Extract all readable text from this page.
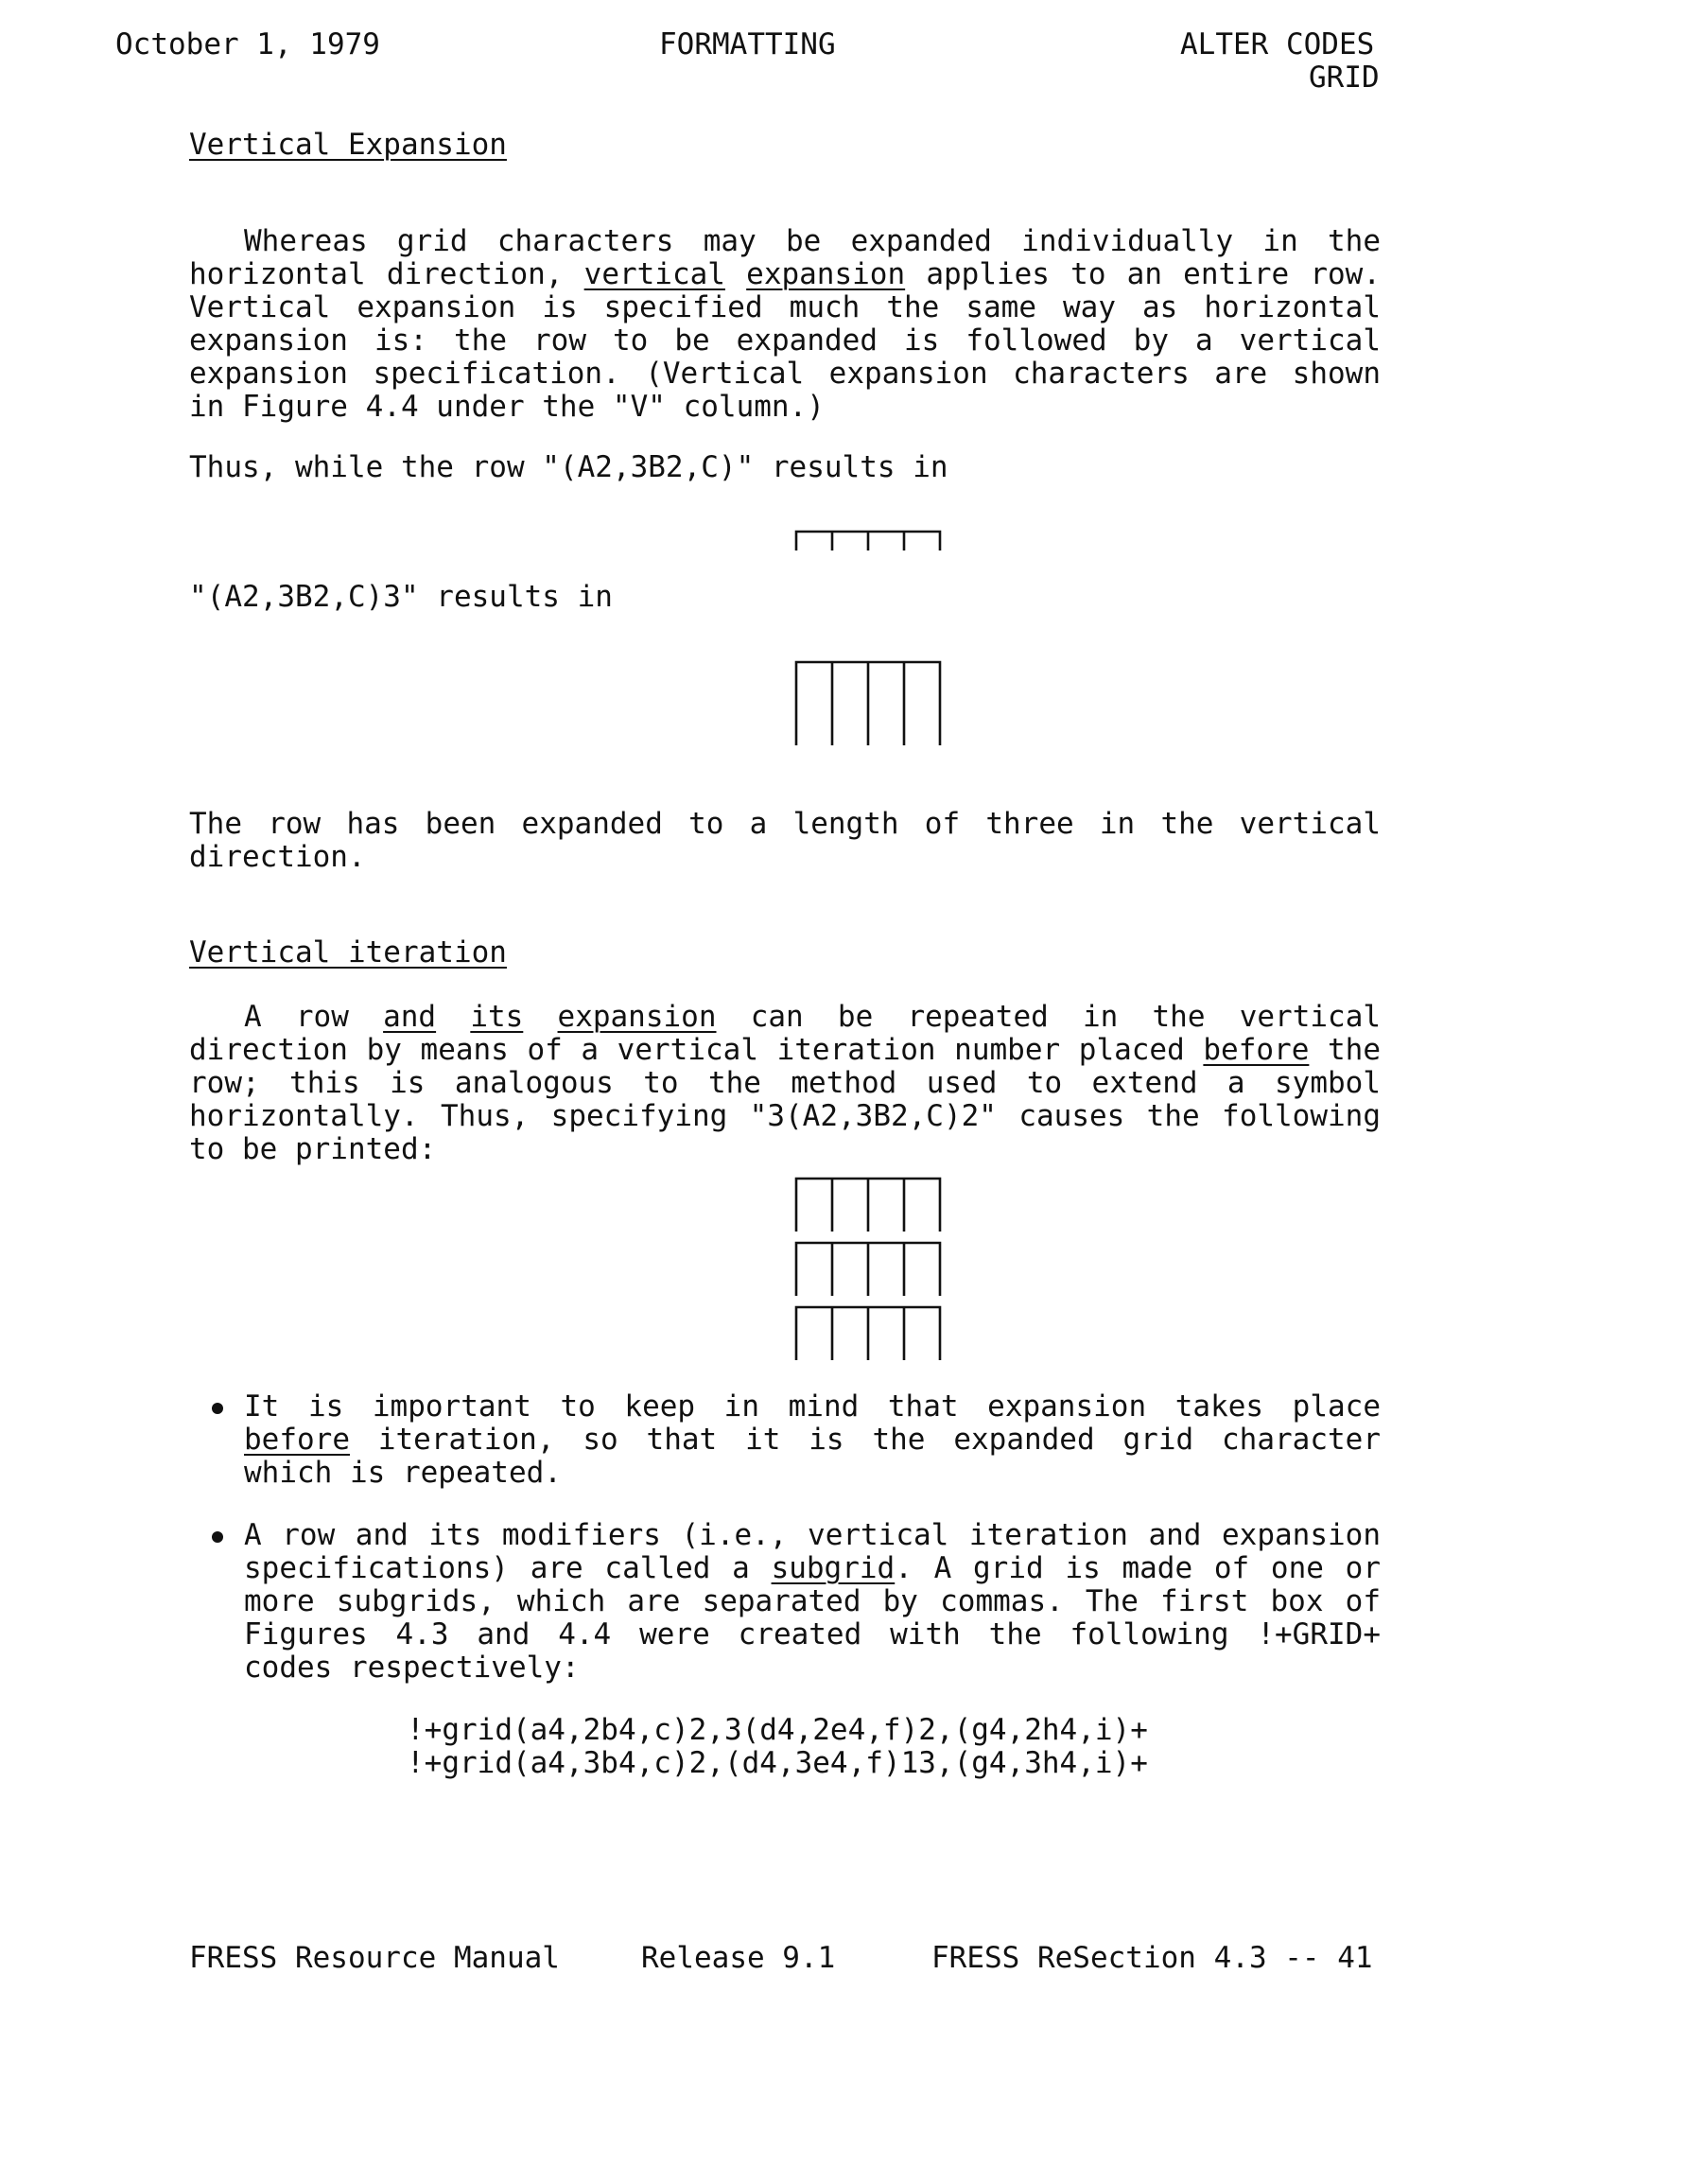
October 1, 1979	FORMATTING	ALTER CODES
GRID
Vertical Expansion

Whereas grid characters may be expanded individually in the horizontal direction, vertical expansion applies to an entire row. Vertical expansion is specified much the same way as horizontal expansion is: the row to be expanded is followed by a vertical expansion specification. (Vertical expansion characters are shown in Figure 4.4 under the "V" column.)

Thus, while the row "(A2,3B2,C)" results in
"(A2,3B2,C)3" results in

The row has been expanded to a length of three in the vertical direction.

Vertical iteration

A row and its expansion can be repeated in the vertical direction by means of a vertical iteration number placed before the row; this is analogous to the method used to extend a symbol horizontally. Thus, specifying "3(A2,3B2,C)2" causes the following to be printed:

It is important to keep in mind that expansion takes place before iteration, so that it is the expanded grid character which is repeated.

A row and its modifiers (i.e., vertical iteration and expansion specifications) are called a subgrid. A grid is made of one or more subgrids, which are separated by commas. The first box of Figures 4.3 and 4.4 were created with the following !+GRID+ codes respectively:

!+grid(a4,2b4,c)2,3(d4,2e4,f)2,(g4,2h4,i)+
!+grid(a4,3b4,c)2,(d4,3e4,f)13,(g4,3h4,i)+
FRESS Resource Manual	Release 9.1	FRESS ReSection 4.3 -- 41
